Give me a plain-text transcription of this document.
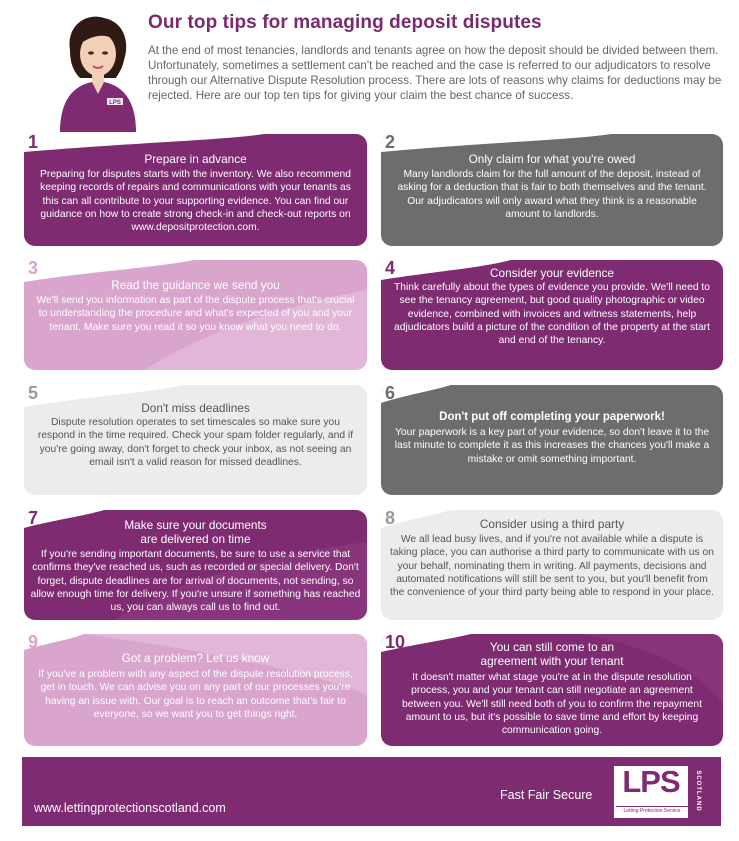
LPS
Our top tips for managing deposit disputes
At the end of most tenancies, landlords and tenants agree on how the deposit should be divided between them. Unfortunately, sometimes a settlement can't be reached and the case is referred to our adjudicators to resolve through our Alternative Dispute Resolution process. There are lots of reasons why claims for deductions may be rejected. Here are our top ten tips for giving your claim the best chance of success.
1
Prepare in advance
Preparing for disputes starts with the inventory. We also recommend keeping records of repairs and communications with your tenants as this can all contribute to your supporting evidence. You can find our guidance on how to create strong check-in and check-out reports on www.depositprotection.com.
2
Only claim for what you're owed
Many landlords claim for the full amount of the deposit, instead of asking for a deduction that is fair to both themselves and the tenant. Our adjudicators will only award what they think is a reasonable amount to landlords.
3
Read the guidance we send you
We'll send you information as part of the dispute process that's crucial to understanding the procedure and what's expected of you and your tenant. Make sure you read it so you know what you need to do.
4	Consider your evidence
Think carefully about the types of evidence you provide. We'll need to see the tenancy agreement, but good quality photographic or video evidence, combined with invoices and witness statements, help adjudicators build a picture of the condition of the property at the start and end of the tenancy.
5
Don't miss deadlines
Dispute resolution operates to set timescales so make sure you respond in the time required. Check your spam folder regularly, and if you're going away, don't forget to check your inbox, as not seeing an email isn't a valid reason for missed deadlines.
6
Don't put off completing your paperwork!
Your paperwork is a key part of your evidence, so don't leave it to the last minute to complete it as this increases the chances you'll make a mistake or omit something important.
7	Make sure your documents are delivered on time
If you're sending important documents, be sure to use a service that confirms they've reached us, such as recorded or special delivery. Don't forget, dispute deadlines are for arrival of documents, not sending, so allow enough time for delivery. If you're unsure if something has reached us, you can always call us to find out.
8	Consider using a third party
We all lead busy lives, and if you're not available while a dispute is taking place, you can authorise a third party to communicate with us on your behalf, nominating them in writing. All payments, decisions and automated notifications will still be sent to you, but you'll benefit from the convenience of your third party being able to respond in your place.
9
Got a problem? Let us know
If you've a problem with any aspect of the dispute resolution process, get in touch. We can advise you on any part of our processes you're having an issue with. Our goal is to reach an outcome that's fair to everyone, so we want you to get things right.
10	You can still come to an agreement with your tenant
It doesn't matter what stage you're at in the dispute resolution process, you and your tenant can still negotiate an agreement between you. We'll still need both of you to confirm the repayment amount to us, but it's possible to save time and effort by keeping communication going.
www.lettingprotectionscotland.com
Fast Fair Secure LPS
Letting Protection Service	SCOTLAND
